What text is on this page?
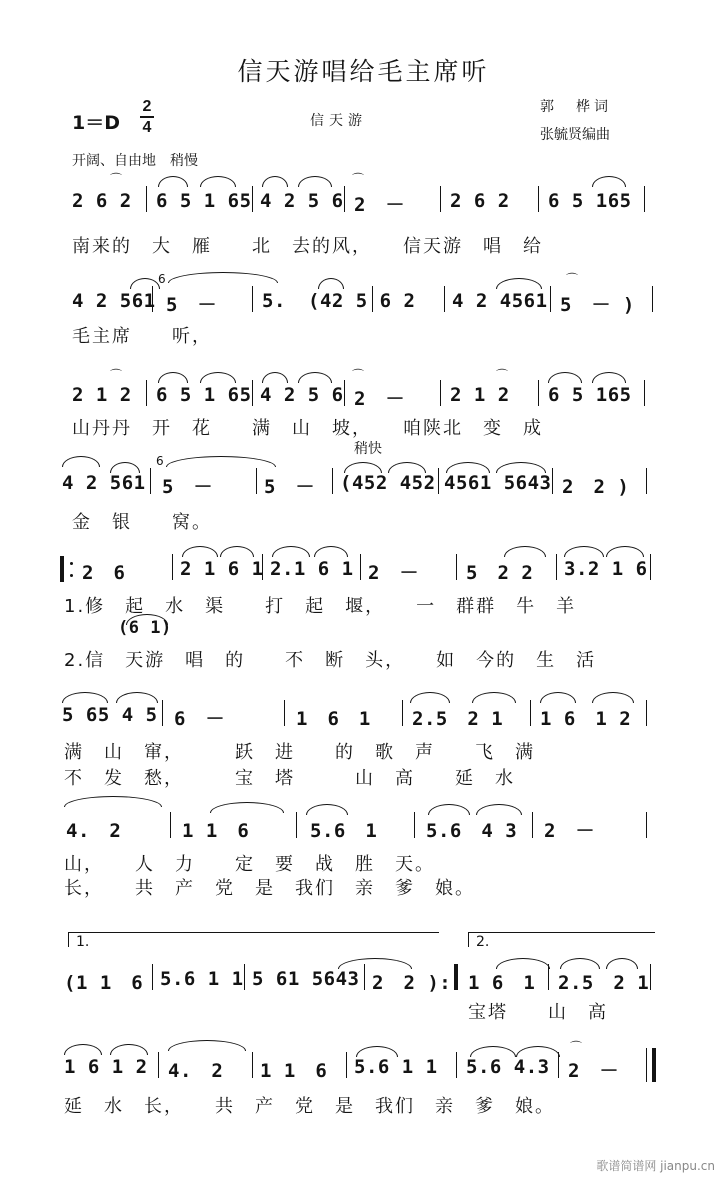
信天游唱给毛主席听
1＝D
2
4	信天游
郭　桦词
张毓贤编曲
开阔、自由地　稍慢
⌒	⌒
2 6 2 6 5 1 65 4 2 5 6 2　－ 2 6 2 6 5 165
南来的　大　雁　　北　去的风，　　信天游　唱　给
⌒
6
4 2 561 5　－ 5. (42 5 6 2 4 2 4561 5　－ )
毛主席　　听，
⌒	⌒	⌒
2 1 2 6 5 1 65 4 2 5 6 2　－ 2 1 2 6 5 165
山丹丹　开　花　　满　山　坡，　　咱陕北　变　成
稍快
6
4 2 561 5　－	5　－ (452 452 4561 5643 2　2 )
金　银　　窝。
2　6	2 1 6 1 2.1 6 1 2　－ 5　2 2 3.2 1 6
1.修　起　水　渠　　打　起　堰，　　一　群群　牛　羊
(6 1)
2.信　天游　唱　的　　不　断　头，　　如　今的　生　活
5 65 4 5 6　－	1　6　1 2.5　2 1 1 6　1 2
满　山　窜，　　　跃　进　　的　歌　声　　飞　满
不　发　愁，　　　宝　塔　　　山　高　　延　水
4.　2	1 1　6	5.6　1	5.6　4 3 2　－
山，　　人　力　　定　要　战　胜　天。
长，　　共　产　党　是　我们　亲　爹　娘。
1.	2.
(1 1　6 5.6 1 1 5 61 5643 2　2 ): 1 6　1 2.5　2 1
宝塔　　山　高
⌒
1 6 1 2 4.　2 1 1　6 5.6 1 1 5.6 4.3 2　－
延　水　长，　　共　产　党　是　我们　亲　爹　娘。
歌谱简谱网 jianpu.cn
